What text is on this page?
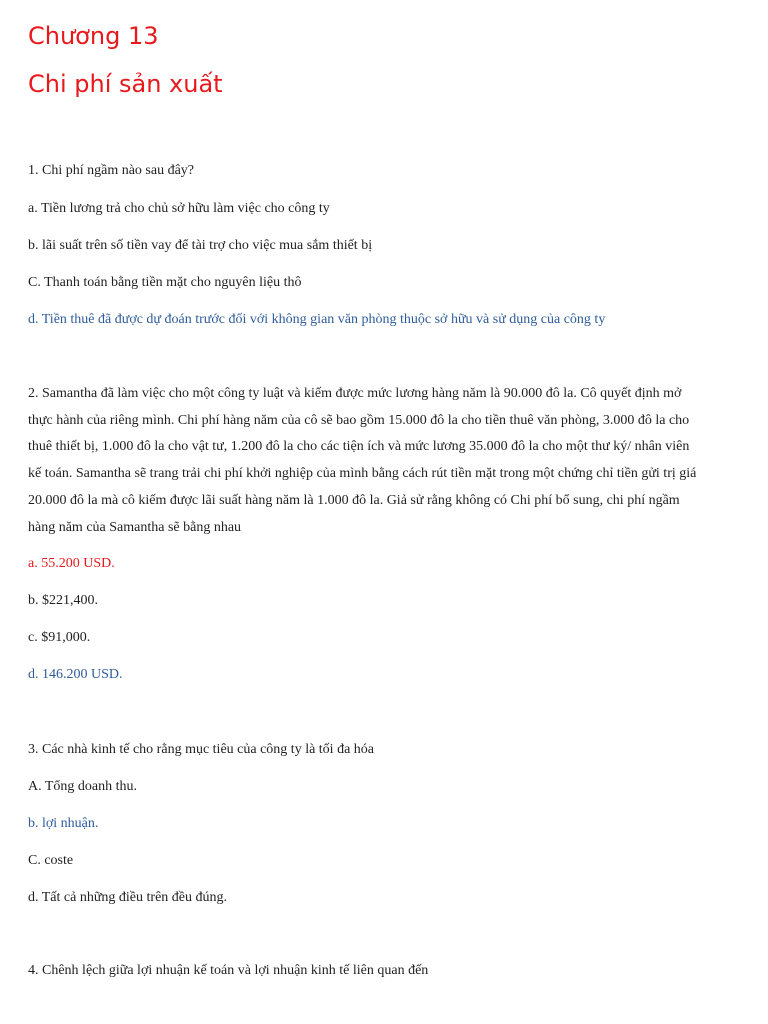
Chương 13
Chi phí sản xuất

1. Chi phí ngầm nào sau đây?

a. Tiền lương trả cho chủ sở hữu làm việc cho công ty

b. lãi suất trên số tiền vay để tài trợ cho việc mua sắm thiết bị

C. Thanh toán bằng tiền mặt cho nguyên liệu thô

d. Tiền thuê đã được dự đoán trước đối với không gian văn phòng thuộc sở hữu và sử dụng của công ty

2. Samantha đã làm việc cho một công ty luật và kiếm được mức lương hàng năm là 90.000 đô la. Cô quyết định mở

thực hành của riêng mình. Chi phí hàng năm của cô sẽ bao gồm 15.000 đô la cho tiền thuê văn phòng, 3.000 đô la cho

thuê thiết bị, 1.000 đô la cho vật tư, 1.200 đô la cho các tiện ích và mức lương 35.000 đô la cho một thư ký/ nhân viên

kế toán. Samantha sẽ trang trải chi phí khởi nghiệp của mình bằng cách rút tiền mặt trong một chứng chỉ tiền gửi trị giá

20.000 đô la mà cô kiếm được lãi suất hàng năm là 1.000 đô la. Giả sử rằng không có Chi phí bổ sung, chi phí ngầm

hàng năm của Samantha sẽ bằng nhau

a. 55.200 USD.

b. $221,400.

c. $91,000.

d. 146.200 USD.

3. Các nhà kinh tế cho rằng mục tiêu của công ty là tối đa hóa

A. Tổng doanh thu.

b. lợi nhuận.

C. coste

d. Tất cả những điều trên đều đúng.

4. Chênh lệch giữa lợi nhuận kế toán và lợi nhuận kinh tế liên quan đến
